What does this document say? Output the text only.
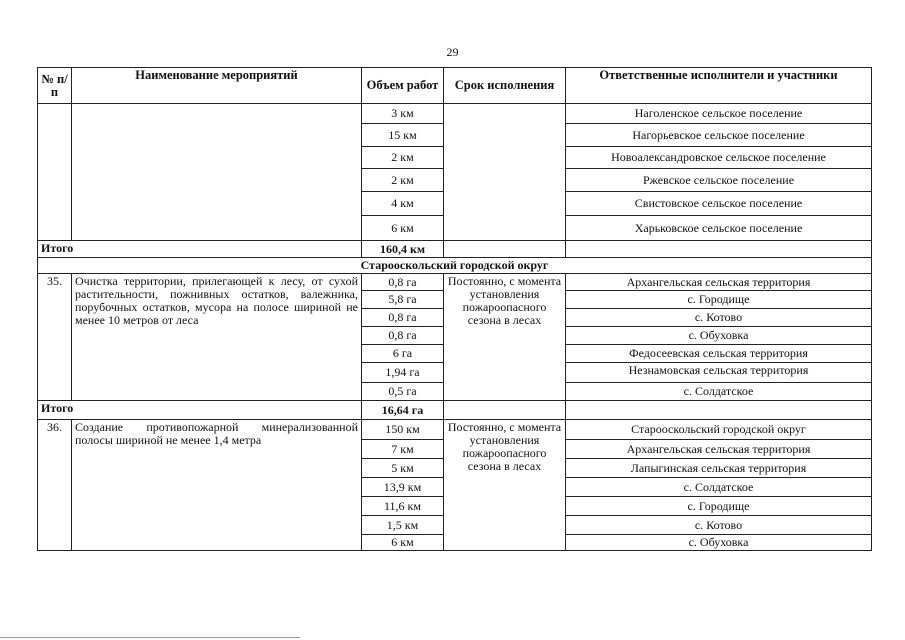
29
№ п/п	Наименование мероприятий	Объем работ	Срок исполнения	Ответственные исполнители и участники
		3 км		Наголенское сельское поселение
		15 км		Нагорьевское сельское поселение
		2 км		Новоалександровское сельское поселение
		2 км		Ржевское сельское поселение
		4 км		Свистовское сельское поселение
		6 км		Харьковское сельское поселение
Итого		160,4 км		
Старооскольский городской округ				
35.	Очистка территории, прилегающей к лесу, от сухой растительности, пожнивных остатков, валежника, порубочных остатков, мусора на полосе шириной не менее 10 метров от леса	0,8 га	Постоянно, с момента установления пожароопасного сезона в лесах	Архангельская сельская территория
		5,8 га		с. Городище
		0,8 га		с. Котово
		0,8 га		с. Обуховка
		6 га		Федосеевская сельская территория
		1,94 га		Незнамовская сельская территория
		0,5 га		с. Солдатское
Итого		16,64 га		
36.	Создание противопожарной минерализованной полосы шириной не менее 1,4 метра	150 км	Постоянно, с момента установления пожароопасного сезона в лесах	Старооскольский городской округ
		7 км		Архангельская сельская территория
		5 км		Лапыгинская сельская территория
		13,9 км		с. Солдатское
		11,6 км		с. Городище
		1,5 км		с. Котово
		6 км		с. Обуховка
